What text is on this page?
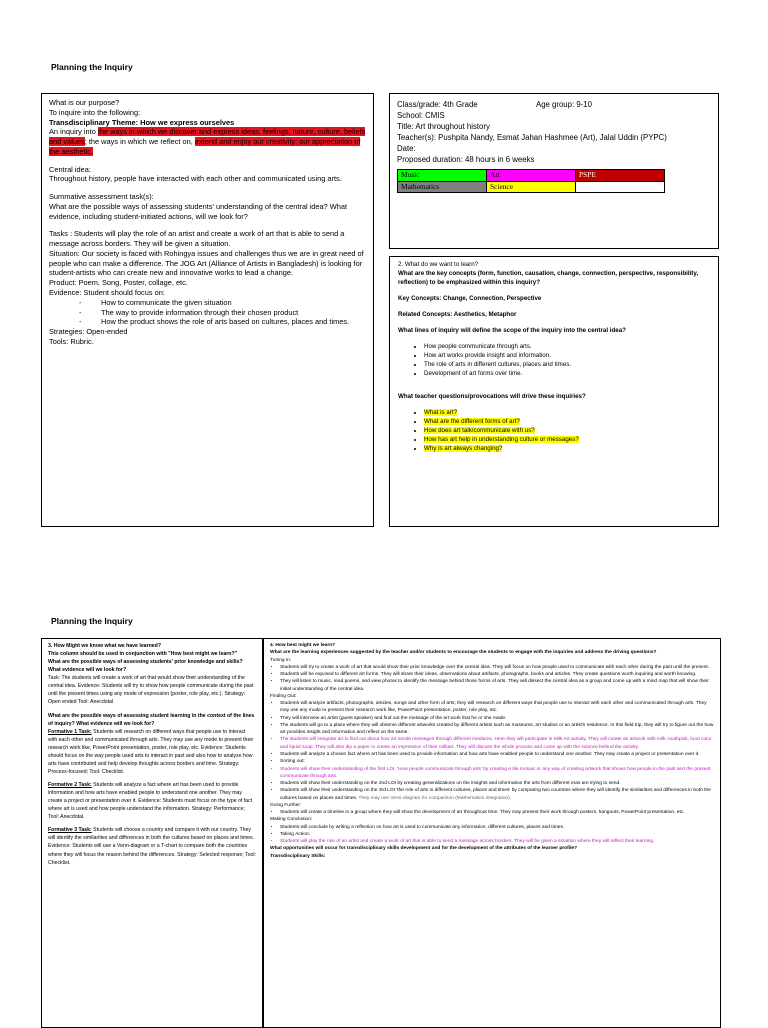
Planning the Inquiry
What is our purpose?
To inquire into the following:
Transdisciplinary Theme: How we express ourselves
An inquiry into the ways in which we discover and express ideas, feelings, nature, culture, beliefs and values; the ways in which we reflect on, extend and enjoy our creativity; our appreciation of the aesthetic.
Central idea:
Throughout history, people have interacted with each other and communicated using arts.
Summative assessment task(s):
What are the possible ways of assessing students' understanding of the central idea? What evidence, including student-initiated actions, will we look for?
Tasks : Students will play the role of an artist and create a work of art that is able to send a message across borders. They will be given a situation.
Situation: Our society is faced with Rohingya issues and challenges thus we are in great need of people who can make a difference. The JOG Art (Alliance of Artists in Bangladesh) is looking for student-artists who can create new and innovative works to lead a change.
Product: Poem, Song, Poster, collage, etc.
Evidence: Student should focus on:
- How to communicate the given situation
- The way to provide information through their chosen product
- How the product shows the role of arts based on cultures, places and times.
Strategies: Open-ended
Tools: Rubric.
Class/grade: 4th Grade	Age group: 9-10
School: CMIS
Title: Art throughout history
Teacher(s): Pushpita Nandy, Esmat Jahan Hashmee (Art), Jalal Uddin (PYPC)
Date:
Proposed duration: 48 hours in 6 weeks
Music	Art	PSPE
Mathematics	Science	
2. What do we want to learn?
What are the key concepts (form, function, causation, change, connection, perspective, responsibility, reflection) to be emphasized within this inquiry?
Key Concepts: Change, Connection, Perspective
Related Concepts: Aesthetics, Metaphor
What lines of inquiry will define the scope of the inquiry into the central idea?
• How people communicate through arts.
• How art works provide insight and information.
• The role of arts in different cultures, places and times.
• Development of art forms over time.
What teacher questions/provocations will drive these inquiries?
• What is art?
• What are the different forms of art?
• How does art talk/communicate with us?
• How has art help in understanding culture or messages?
• Why is art always changing?
Planning the Inquiry
3. How Might we know what we have learned?
This column should be used in conjunction with "How best might we learn?"
What are the possible ways of assessing students' prior knowledge and skills? What evidence will we look for?
Task: The students will create a work of art that would show their understanding of the central idea. Evidence: Students will try to show how people communicate during the past until the present times using any mode of expression (poster, role play, etc.). Strategy: Open ended Tool: Anecdotal
What are the possible ways of assessing student learning in the context of the lines of inquiry? What evidence will we look for?
Formative 1 Task: Students will research on different ways that people use to interact with each other and communicated through arts. They may use any mode to present their research work like, PowerPoint presentation, poster, role play, etc. Evidence: Students should focus on the way people used arts to interact in past and also how to analyze how arts have contributed and help develop thoughts across borders and time. Strategy: Process-focused; Tool: Checklist.
Formative 2 Task: Students will analyze a fact where art has been used to provide information and how arts have enabled people to understand one another. They may create a project or presentation over it. Evidence: Students must focus on the type of fact where art is used and how people understand the information. Strategy: Performance; Tool: Anecdotal.
Formative 3 Task: Students will choose a country and compare it with our country. They will identify the similarities and differences in both the cultures based on places and times. Evidence: Students will use a Venn-diagram or a T-chart to compare both the countries where they will focus the reason behind the differences. Strategy: Selected response; Tool: Checklist.
4. How best might we learn?
What are the learning experiences suggested by the teacher and/or students to encourage the students to engage with the inquiries and address the driving questions?
Tuning in:
• Students will try to create a work of art that would show their prior knowledge over the central idea. They will focus on how people used to communicate with each other during the past until the present.
• Students will be exposed to different art forms. They will share their ideas, observations about artifacts, photographs, books and articles. They create questions worth inquiring and worth knowing.
• They will listen to music, read poems, and view photos to identify the message behind those forms of arts. They will dissect the central idea as a group and come up with a mind map that will show their initial understanding of the central idea.
Finding Out:
• Students will analyze artifacts, photographs, articles, songs and other form of arts; they will research on different ways that people use to interact with each other and communicated through arts. They may use any mode to present their research work like, PowerPoint presentation, poster, role play, etc.
• They will interview an artist (guest speaker) and find out the message of the art work that he or she made.
• The students will go to a place where they will observe different artworks created by different artists such as museums, art studios or an artist's residence. In this field trip, they will try to figure out the how art provides insight and information and reflect on the same.
• The students will integrate art to find out about how art sends messages through different mediums. Here they will participate in Milk Art activity. They will create an artwork with milk, toothpick, food color and liquid soap. They will also dip a paper to create an impression of their milkart. They will discuss the whole process and come up with the science behind the activity.
• Students will analyze a chosen fact where art has been used to provide information and how arts have enabled people to understand one another. They may create a project or presentation over it.
• Sorting out:
• Students will show their understanding of the first LOI, 'How people communicate through arts' by creating a tile mosaic or any way of creating artwork that shows how people in the past and the present communicate through arts.
• Students will show their understanding on the 2nd LOI by creating generalizations on the insights and information the arts from different eras are trying to send.
• Students will show their understanding on the 3rd LOI 'the role of arts in different cultures, places and times' by comparing two countries where they will identify the similarities and differences in both the cultures based on places and times. They may use Venn-diagram for comparison (Mathematics integration).
Going Further:
• Students will create a timeline in a group where they will show the development of art throughout time. They may present their work through posters, hangouts, PowerPoint presentation, etc.
Making Conclusion:
• Students will conclude by writing a reflection on how art is used to communicate any information, different cultures, places and times.
• Taking Action:
• Students will play the role of an artist and create a work of art that is able to send a message across borders. They will be given a situation where they will reflect their learning.
What opportunities will occur for transdisciplinary skills development and for the development of the attributes of the learner profile?
Transdisciplinary Skills:
